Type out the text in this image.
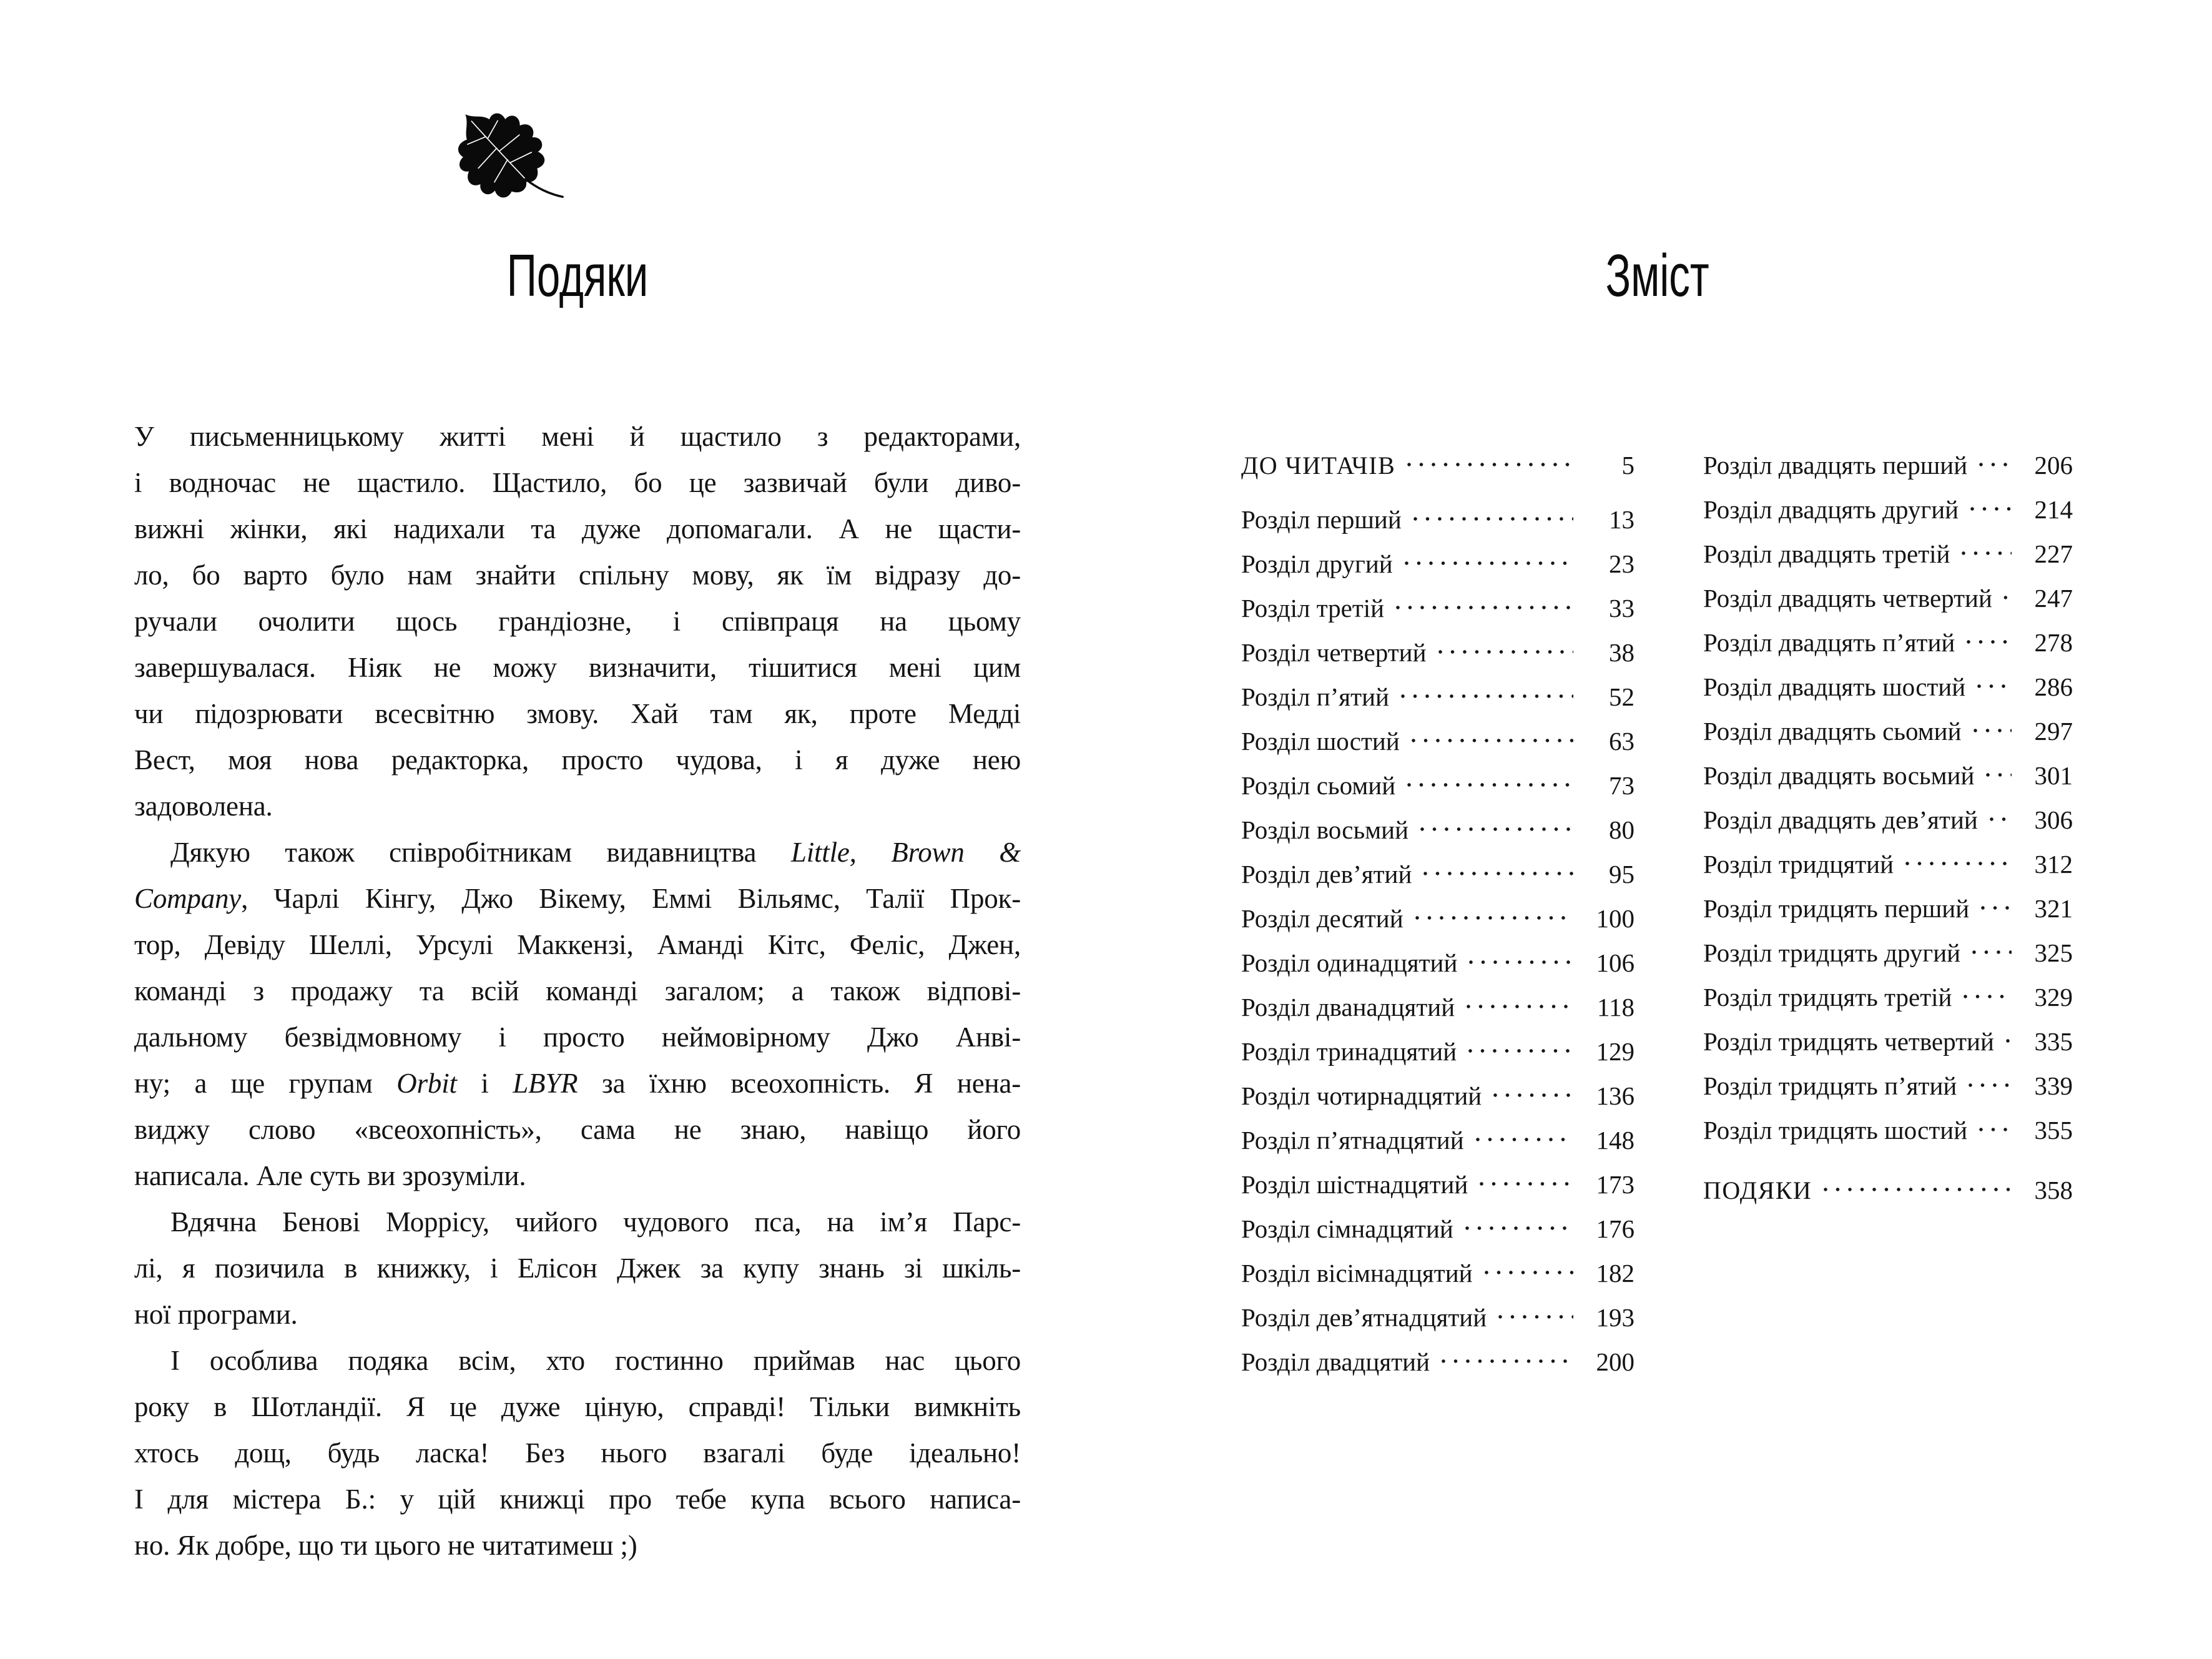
Подяки
У письменницькому житті мені й щастило з редакторами,
і водночас не щастило. Щастило, бо це зазвичай були диво-
вижні жінки, які надихали та дуже допомагали. А не щасти-
ло, бо варто було нам знайти спільну мову, як їм відразу до-
ручали очолити щось грандіозне, і співпраця на цьому
завершувалася. Ніяк не можу визначити, тішитися мені цим
чи підозрювати всесвітню змову. Хай там як, проте Медді
Вест, моя нова редакторка, просто чудова, і я дуже нею
задоволена.
Дякую також співробітникам видавництва Little, Brown &
Company, Чарлі Кінгу, Джо Вікему, Еммі Вільямс, Талії Прок-
тор, Девіду Шеллі, Урсулі Маккензі, Аманді Кітс, Феліс, Джен,
команді з продажу та всій команді загалом; а також відпові-
дальному безвідмовному і просто неймовірному Джо Анві-
ну; а ще групам Orbit і LBYR за їхню всеохопність. Я нена-
виджу слово «всеохопність», сама не знаю, навіщо його
написала. Але суть ви зрозуміли.
Вдячна Бенові Моррісу, чийого чудового пса, на ім’я Парс-
лі, я позичила в книжку, і Елісон Джек за купу знань зі шкіль-
ної програми.
І особлива подяка всім, хто гостинно приймав нас цього
року в Шотландії. Я це дуже ціную, справді! Тільки вимкніть
хтось дощ, будь ласка! Без нього взагалі буде ідеально!
І для містера Б.: у цій книжці про тебе купа всього написа-
но. Як добре, що ти цього не читатимеш ;)
Зміст
ДО ЧИТАЧІВ	5
Розділ перший	13
Розділ другий	23
Розділ третій	33
Розділ четвертий	38
Розділ п’ятий	52
Розділ шостий	63
Розділ сьомий	73
Розділ восьмий	80
Розділ дев’ятий	95
Розділ десятий	100
Розділ одинадцятий	106
Розділ дванадцятий	118
Розділ тринадцятий	129
Розділ чотирнадцятий	136
Розділ п’ятнадцятий	148
Розділ шістнадцятий	173
Розділ сімнадцятий	176
Розділ вісімнадцятий	182
Розділ дев’ятнадцятий	193
Розділ двадцятий	200
Розділ двадцять перший	206
Розділ двадцять другий	214
Розділ двадцять третій	227
Розділ двадцять четвертий 247
Розділ двадцять п’ятий	278
Розділ двадцять шостий	286
Розділ двадцять сьомий	297
Розділ двадцять восьмий 301
Розділ двадцять дев’ятий 306
Розділ тридцятий	312
Розділ тридцять перший	321
Розділ тридцять другий	325
Розділ тридцять третій	329
Розділ тридцять четвертий 335
Розділ тридцять п’ятий	339
Розділ тридцять шостий	355
ПОДЯКИ	358
